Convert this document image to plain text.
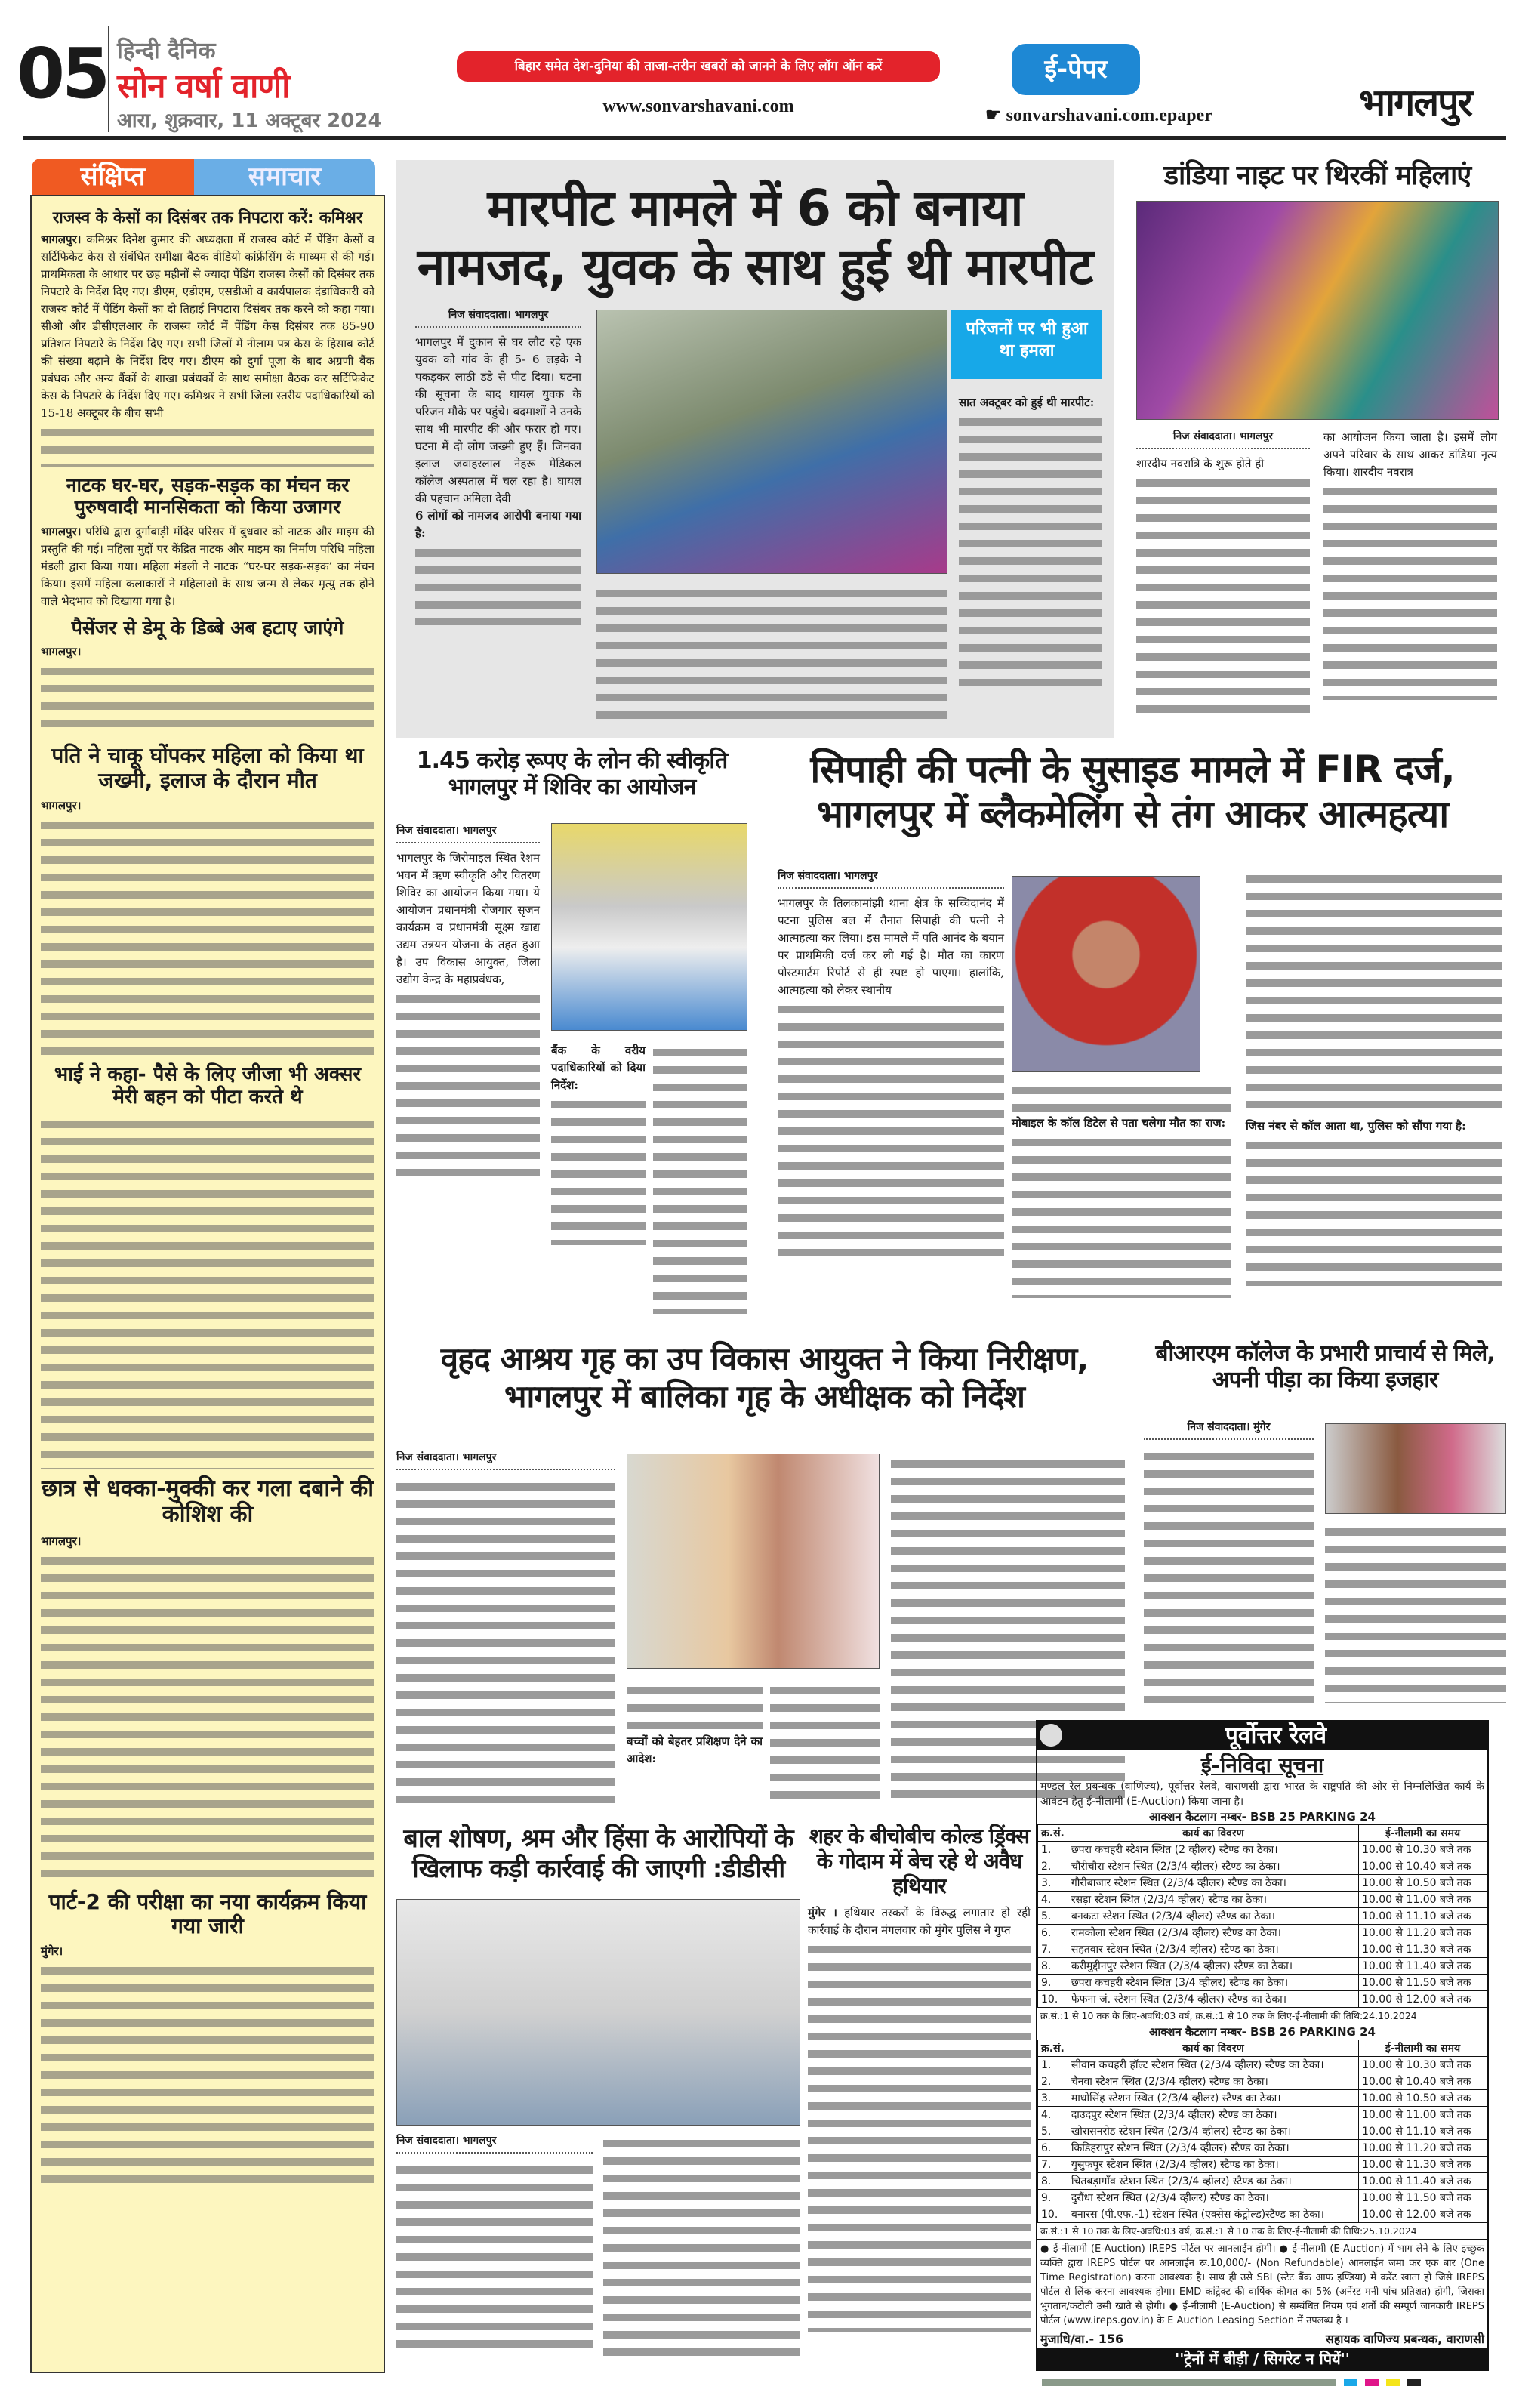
05 हिन्दी दैनिक
सोन वर्षा वाणी
आरा, शुक्रवार, 11 अक्टूबर 2024
बिहार समेत देश-दुनिया की ताजा-तरीन खबरों को जानने के लिए लॉग ऑन करें
www.sonvarshavani.com
ई-पेपर
☛ sonvarshavani.com.epaper	भागलपुर
संक्षिप्त	समाचार
राजस्व के केसों का दिसंबर तक निपटारा करें: कमिश्नर

भागलपुर। कमिश्नर दिनेश कुमार की अध्यक्षता में राजस्व कोर्ट में पेंडिंग केसों व सर्टिफिकेट केस से संबंधित समीक्षा बैठक वीडियो कांफ्रेंसिंग के माध्यम से की गई। प्राथमिकता के आधार पर छह महीनों से ज्यादा पेंडिंग राजस्व केसों को दिसंबर तक निपटारे के निर्देश दिए गए। डीएम, एडीएम, एसडीओ व कार्यपालक दंडाधिकारी को राजस्व कोर्ट में पेंडिंग केसों का दो तिहाई निपटारा दिसंबर तक करने को कहा गया। सीओ और डीसीएलआर के राजस्व कोर्ट में पेंडिंग केस दिसंबर तक 85-90 प्रतिशत निपटारे के निर्देश दिए गए। सभी जिलों में नीलाम पत्र केस के हिसाब कोर्ट की संख्या बढ़ाने के निर्देश दिए गए। डीएम को दुर्गा पूजा के बाद अग्रणी बैंक प्रबंधक और अन्य बैंकों के शाखा प्रबंधकों के साथ समीक्षा बैठक कर सर्टिफिकेट केस के निपटारे के निर्देश दिए गए। कमिश्नर ने सभी जिला स्तरीय पदाधिकारियों को 15-18 अक्टूबर के बीच सभी

नाटक घर-घर, सड़क-सड़क का मंचन कर पुरुषवादी मानसिकता को किया उजागर

भागलपुर। परिधि द्वारा दुर्गाबाड़ी मंदिर परिसर में बुधवार को नाटक और माइम की प्रस्तुति की गई। महिला मुद्दों पर केंद्रित नाटक और माइम का निर्माण परिधि महिला मंडली द्वारा किया गया। महिला मंडली ने नाटक “घर-घर सड़क-सड़क’ का मंचन किया। इसमें महिला कलाकारों ने महिलाओं के साथ जन्म से लेकर मृत्यु तक होने वाले भेदभाव को दिखाया गया है।

पैसेंजर से डेमू के डिब्बे अब हटाए जाएंगे

भागलपुर।

पति ने चाकू घोंपकर महिला को किया था जख्मी, इलाज के दौरान मौत

भागलपुर।

भाई ने कहा- पैसे के लिए जीजा भी अक्सर मेरी बहन को पीटा करते थे
छात्र से धक्का-मुक्की कर गला दबाने की कोशिश की

भागलपुर।

पार्ट-2 की परीक्षा का नया कार्यक्रम किया गया जारी

मुंगेर।

मारपीट मामले में 6 को बनाया नामजद, युवक के साथ हुई थी मारपीट
निज संवाददाता। भागलपुर

भागलपुर में दुकान से घर लौट रहे एक युवक को गांव के ही 5- 6 लड़के ने पकड़कर लाठी डंडे से पीट दिया। घटना की सूचना के बाद घायल युवक के परिजन मौके पर पहुंचे। बदमाशों ने उनके साथ भी मारपीट की और फरार हो गए। घटना में दो लोग जख्मी हुए हैं। जिनका इलाज जवाहरलाल नेहरू मेडिकल कॉलेज अस्पताल में चल रहा है। घायल की पहचान अमिला देवी

6 लोगों को नामजद आरोपी बनाया गया है:

परिजनों पर भी हुआ था हमला

सात अक्टूबर को हुई थी मारपीट:

डांडिया नाइट पर थिरकीं महिलाएं
निज संवाददाता। भागलपुर

शारदीय नवरात्रि के शुरू होते ही

का आयोजन किया जाता है। इसमें लोग अपने परिवार के साथ आकर डांडिया नृत्य किया। शारदीय नवरात्र

1.45 करोड़ रूपए के लोन की स्वीकृति भागलपुर में शिविर का आयोजन
निज संवाददाता। भागलपुर

भागलपुर के जिरोमाइल स्थित रेशम भवन में ऋण स्वीकृति और वितरण शिविर का आयोजन किया गया। ये आयोजन प्रधानमंत्री रोजगार सृजन कार्यक्रम व प्रधानमंत्री सूक्ष्म खाद्य उद्यम उन्नयन योजना के तहत हुआ है। उप विकास आयुक्त, जिला उद्योग केन्द्र के महाप्रबंधक,

बैंक के वरीय पदाधिकारियों को दिया निर्देश:

सिपाही की पत्नी के सुसाइड मामले में FIR दर्ज, भागलपुर में ब्लैकमेलिंग से तंग आकर आत्महत्या
निज संवाददाता। भागलपुर

भागलपुर के तिलकामांझी थाना क्षेत्र के सच्चिदानंद में पटना पुलिस बल में तैनात सिपाही की पत्नी ने आत्महत्या कर लिया। इस मामले में पति आनंद के बयान पर प्राथमिकी दर्ज कर ली गई है। मौत का कारण पोस्टमार्टम रिपोर्ट से ही स्पष्ट हो पाएगा। हालांकि, आत्महत्या को लेकर स्थानीय

मोबाइल के कॉल डिटेल से पता चलेगा मौत का राज:	जिस नंबर से कॉल आता था, पुलिस को सौंपा गया है:

वृहद आश्रय गृह का उप विकास आयुक्त ने किया निरीक्षण, भागलपुर में बालिका गृह के अधीक्षक को निर्देश
निज संवाददाता। भागलपुर

बच्चों को बेहतर प्रशिक्षण देने का आदेश:

बीआरएम कॉलेज के प्रभारी प्राचार्य से मिले, अपनी पीड़ा का किया इजहार
निज संवाददाता। मुंगेर
बाल शोषण, श्रम और हिंसा के आरोपियों के खिलाफ कड़ी कार्रवाई की जाएगी :डीडीसी
निज संवाददाता। भागलपुर
शहर के बीचोबीच कोल्ड ड्रिंक्स के गोदाम में बेच रहे थे अवैध हथियार

मुंगेर । हथियार तस्करों के विरुद्ध लगातार हो रही कार्रवाई के दौरान मंगलवार को मुंगेर पुलिस ने गुप्त

पूर्वोत्तर रेलवे
ई-निविदा सूचना
मण्डल रेल प्रबन्धक (वाणिज्य), पूर्वोत्तर रेलवे, वाराणसी द्वारा भारत के राष्ट्रपति की ओर से निम्नलिखित कार्य के आवंटन हेतु ई-नीलामी (E-Auction) किया जाना है।
आक्शन कैटलाग नम्बर- BSB 25 PARKING 24
क्र.सं.	कार्य का विवरण	ई-नीलामी का समय
1.	छपरा कचहरी स्टेशन स्थित (2 व्हीलर) स्टैण्ड का ठेका।	10.00 से 10.30 बजे तक
2.	चौरीचौरा स्टेशन स्थित (2/3/4 व्हीलर) स्टैण्ड का ठेका।	10.00 से 10.40 बजे तक
3.	गौरीबाजार स्टेशन स्थित (2/3/4 व्हीलर) स्टैण्ड का ठेका।	10.00 से 10.50 बजे तक
4.	रसड़ा स्टेशन स्थित (2/3/4 व्हीलर) स्टैण्ड का ठेका।	10.00 से 11.00 बजे तक
5.	बनकटा स्टेशन स्थित (2/3/4 व्हीलर) स्टैण्ड का ठेका।	10.00 से 11.10 बजे तक
6.	रामकोला स्टेशन स्थित (2/3/4 व्हीलर) स्टैण्ड का ठेका।	10.00 से 11.20 बजे तक
7.	सहतवार स्टेशन स्थित (2/3/4 व्हीलर) स्टैण्ड का ठेका।	10.00 से 11.30 बजे तक
8.	करीमुद्दीनपुर स्टेशन स्थित (2/3/4 व्हीलर) स्टैण्ड का ठेका।	10.00 से 11.40 बजे तक
9.	छपरा कचहरी स्टेशन स्थित (3/4 व्हीलर) स्टैण्ड का ठेका।	10.00 से 11.50 बजे तक
10.	फेफना जं. स्टेशन स्थित (2/3/4 व्हीलर) स्टैण्ड का ठेका।	10.00 से 12.00 बजे तक
क्र.सं.:1 से 10 तक के लिए-अवधि:03 वर्ष, क्र.सं.:1 से 10 तक के लिए-ई-नीलामी की तिथि:24.10.2024
आक्शन कैटलाग नम्बर- BSB 26 PARKING 24
क्र.सं.	कार्य का विवरण	ई-नीलामी का समय
1.	सीवान कचहरी हॉल्ट स्टेशन स्थित (2/3/4 व्हीलर) स्टैण्ड का ठेका।	10.00 से 10.30 बजे तक
2.	चैनवा स्टेशन स्थित (2/3/4 व्हीलर) स्टैण्ड का ठेका।	10.00 से 10.40 बजे तक
3.	माधोसिंह स्टेशन स्थित (2/3/4 व्हीलर) स्टैण्ड का ठेका।	10.00 से 10.50 बजे तक
4.	दाउदपुर स्टेशन स्थित (2/3/4 व्हीलर) स्टैण्ड का ठेका।	10.00 से 11.00 बजे तक
5.	खोरासनरोड स्टेशन स्थित (2/3/4 व्हीलर) स्टैण्ड का ठेका।	10.00 से 11.10 बजे तक
6.	किडिहरापुर स्टेशन स्थित (2/3/4 व्हीलर) स्टैण्ड का ठेका।	10.00 से 11.20 बजे तक
7.	युसुफपुर स्टेशन स्थित (2/3/4 व्हीलर) स्टैण्ड का ठेका।	10.00 से 11.30 बजे तक
8.	चितबड़ागाँव स्टेशन स्थित (2/3/4 व्हीलर) स्टैण्ड का ठेका।	10.00 से 11.40 बजे तक
9.	दुरौंधा स्टेशन स्थित (2/3/4 व्हीलर) स्टैण्ड का ठेका।	10.00 से 11.50 बजे तक
10.	बनारस (पी.एफ.-1) स्टेशन स्थित (एक्सेस कंट्रोल्ड)स्टैण्ड का ठेका।	10.00 से 12.00 बजे तक
क्र.सं.:1 से 10 तक के लिए-अवधि:03 वर्ष, क्र.सं.:1 से 10 तक के लिए-ई-नीलामी की तिथि:25.10.2024
● ई-नीलामी (E-Auction) IREPS पोर्टल पर आनलाईन होगी। ● ई-नीलामी (E-Auction) में भाग लेने के लिए इच्छुक व्यक्ति द्वारा IREPS पोर्टल पर आनलाईन रू.10,000/- (Non Refundable) आनलाईन जमा कर एक बार (One Time Registration) करना आवश्यक है। साथ ही उसे SBI (स्टेट बैंक आफ इण्डिया) में करेंट खाता हो जिसे IREPS पोर्टल से लिंक करना आवश्यक होगा। EMD कांट्रेक्ट की वार्षिक कीमत का 5% (अर्नेस्ट मनी पांच प्रतिशत) होगी, जिसका भुगतान/कटौती उसी खाते से होगी। ● ई-नीलामी (E-Auction) से सम्बंधित नियम एवं शर्तों की सम्पूर्ण जानकारी IREPS पोर्टल (www.ireps.gov.in) के E Auction Leasing Section में उपलब्ध है ।
मुजाधि/वा.- 156	सहायक वाणिज्य प्रबन्धक, वाराणसी
''ट्रेनों में बीड़ी / सिगरेट न पियें''
